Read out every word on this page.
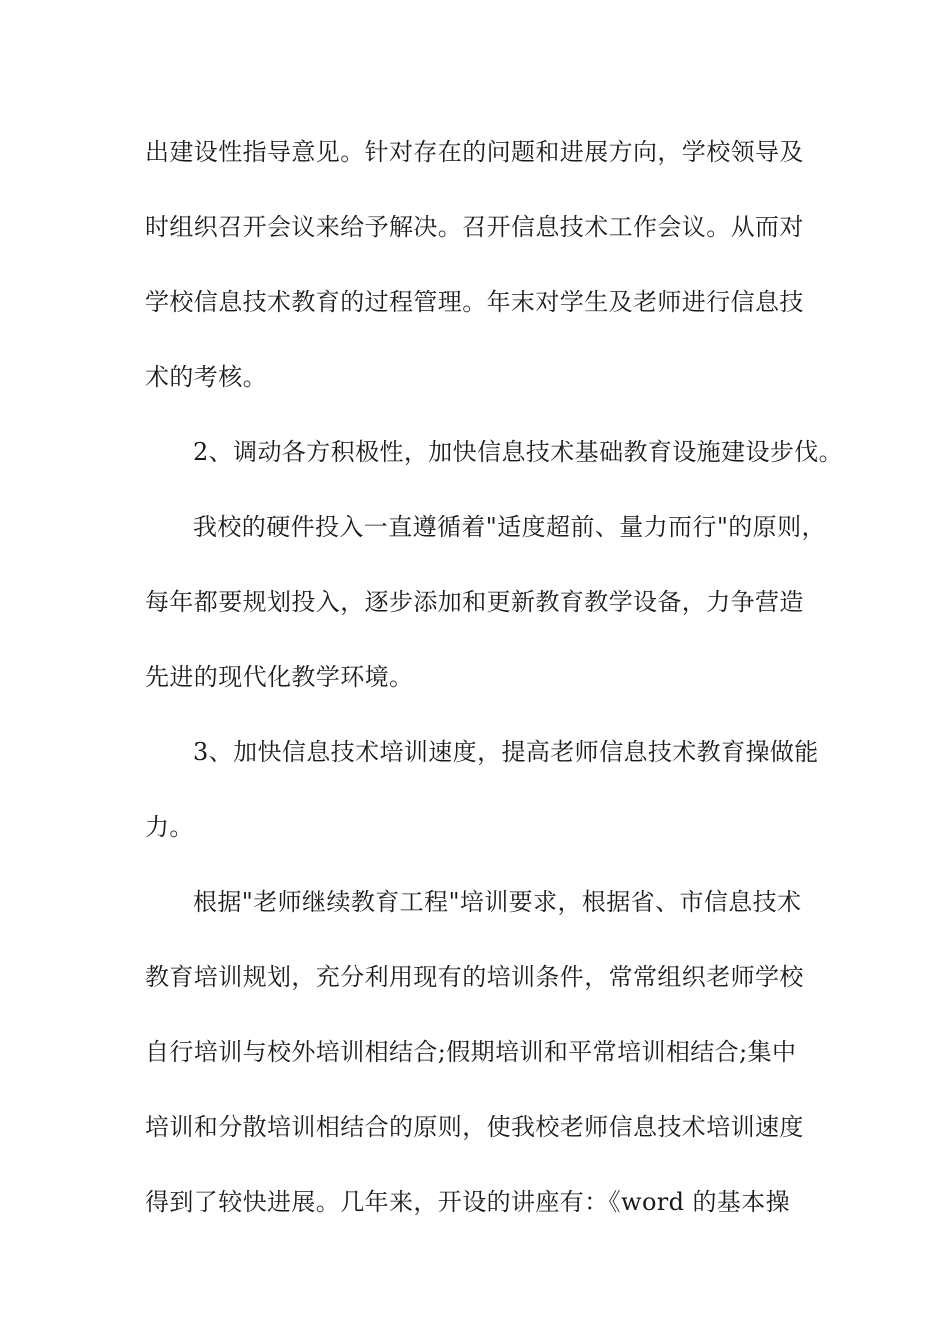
出建设性指导意见。针对存在的问题和进展方向，学校领导及
时组织召开会议来给予解决。召开信息技术工作会议。从而对
学校信息技术教育的过程管理。年末对学生及老师进行信息技
术的考核。
2、调动各方积极性，加快信息技术基础教育设施建设步伐。
我校的硬件投入一直遵循着"适度超前、量力而行"的原则，
每年都要规划投入，逐步添加和更新教育教学设备，力争营造
先进的现代化教学环境。
3、加快信息技术培训速度，提高老师信息技术教育操做能
力。
根据"老师继续教育工程"培训要求，根据省、市信息技术
教育培训规划，充分利用现有的培训条件，常常组织老师学校
自行培训与校外培训相结合;假期培训和平常培训相结合;集中
培训和分散培训相结合的原则，使我校老师信息技术培训速度
得到了较快进展。几年来，开设的讲座有：《word 的基本操
